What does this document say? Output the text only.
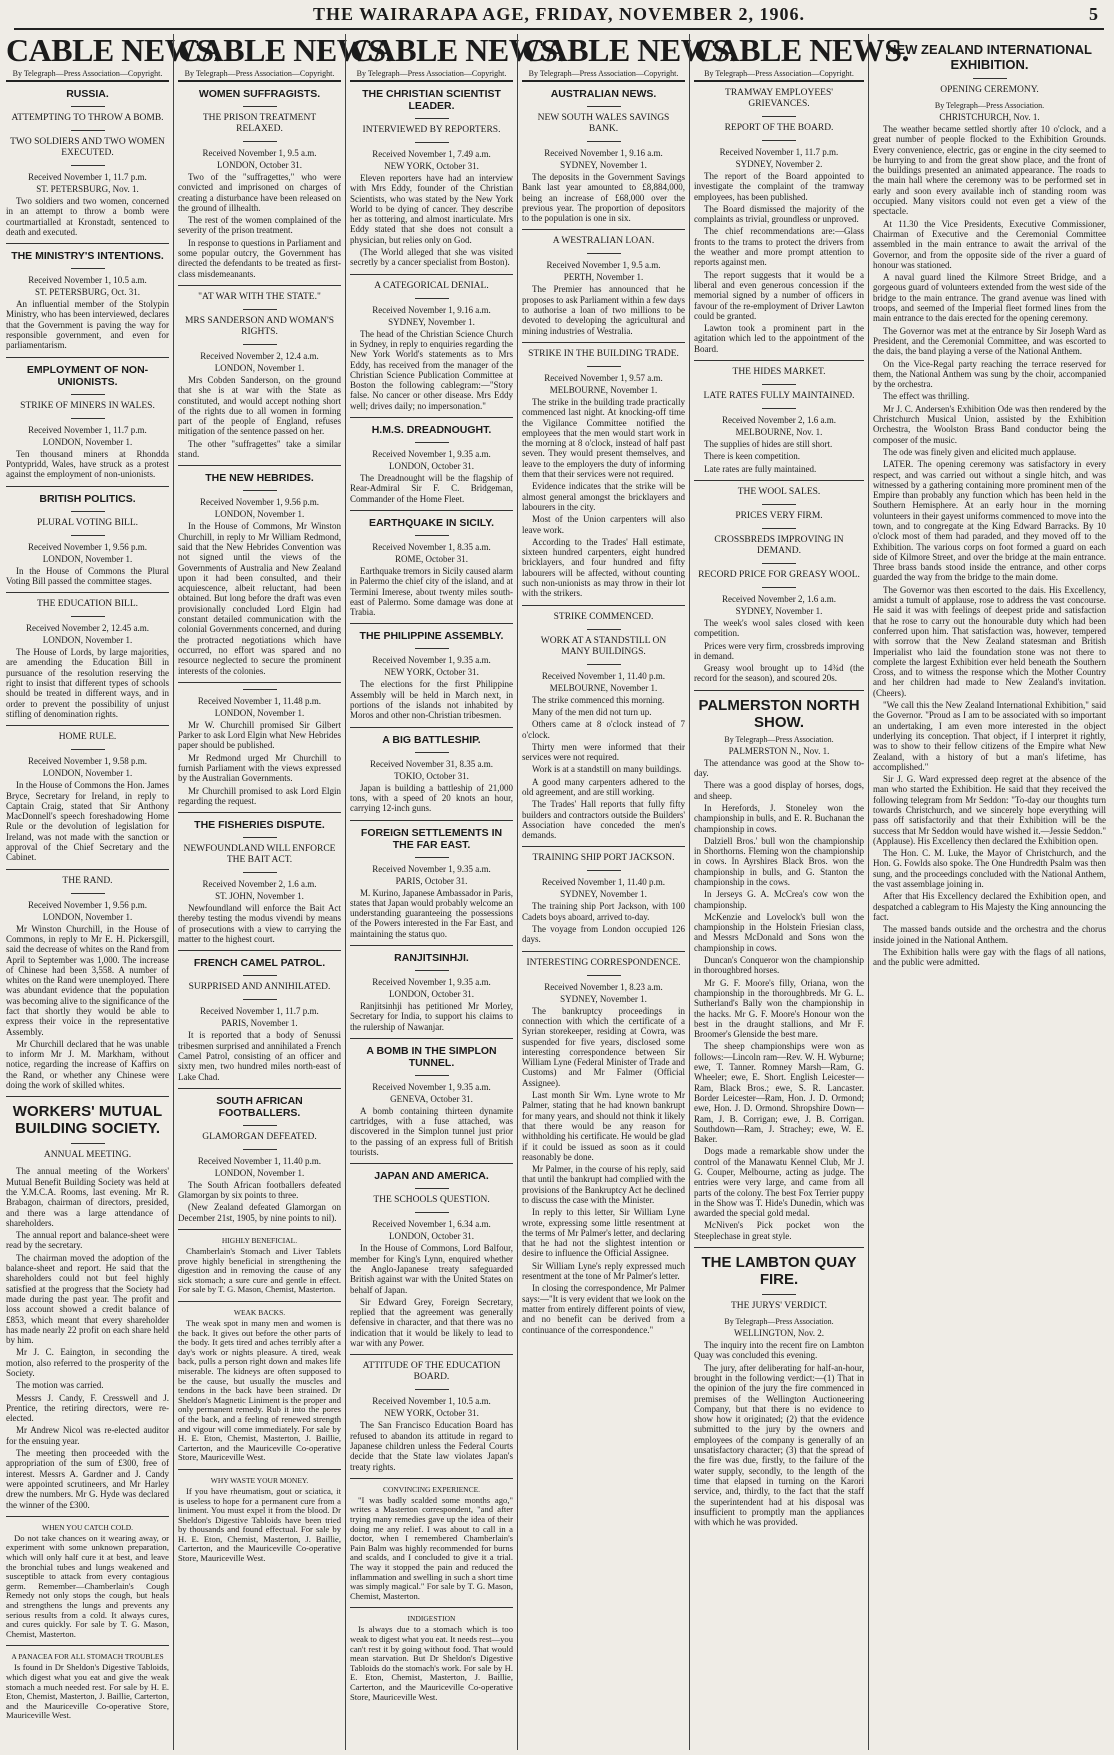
THE WAIRARAPA AGE, FRIDAY, NOVEMBER 2, 1906.	5
CABLE NEWS.
By Telegraph—Press Association—Copyright.
RUSSIA.
ATTEMPTING TO THROW A BOMB.
TWO SOLDIERS AND TWO WOMEN EXECUTED.
Received November 1, 11.7 p.m.
ST. PETERSBURG, Nov. 1.

Two soldiers and two women, concerned in an attempt to throw a bomb were courtmartialled at Kronstadt, sentenced to death and executed.

THE MINISTRY'S INTENTIONS.
Received November 1, 10.5 a.m.
ST. PETERSBURG, Oct. 31.

An influential member of the Stolypin Ministry, who has been interviewed, declares that the Government is paving the way for responsible government, and even for parliamentarism.

EMPLOYMENT OF NON-UNIONISTS.
STRIKE OF MINERS IN WALES.
Received November 1, 11.7 p.m.
LONDON, November 1.

Ten thousand miners at Rhondda Pontypridd, Wales, have struck as a protest against the employment of non-unionists.

BRITISH POLITICS.
PLURAL VOTING BILL.
Received November 1, 9.56 p.m.
LONDON, November 1.

In the House of Commons the Plural Voting Bill passed the committee stages.

THE EDUCATION BILL.
Received November 2, 12.45 a.m.
LONDON, November 1.

The House of Lords, by large majorities, are amending the Education Bill in pursuance of the resolution reserving the right to insist that different types of schools should be treated in different ways, and in order to prevent the possibility of unjust stifling of denomination rights.

HOME RULE.
Received November 1, 9.58 p.m.
LONDON, November 1.

In the House of Commons the Hon. James Bryce, Secretary for Ireland, in reply to Captain Craig, stated that Sir Anthony MacDonnell's speech foreshadowing Home Rule or the devolution of legislation for Ireland, was not made with the sanction or approval of the Chief Secretary and the Cabinet.

THE RAND.
Received November 1, 9.56 p.m.
LONDON, November 1.

Mr Winston Churchill, in the House of Commons, in reply to Mr E. H. Pickersgill, said the decrease of whites on the Rand from April to September was 1,000. The increase of Chinese had been 3,558. A number of whites on the Rand were unemployed. There was abundant evidence that the population was becoming alive to the significance of the fact that shortly they would be able to express their voice in the representative Assembly.

Mr Churchill declared that he was unable to inform Mr J. M. Markham, without notice, regarding the increase of Kaffirs on the Rand, or whether any Chinese were doing the work of skilled whites.

WORKERS' MUTUAL BUILDING SOCIETY.
ANNUAL MEETING.

The annual meeting of the Workers' Mutual Benefit Building Society was held at the Y.M.C.A. Rooms, last evening. Mr R. Brabagon, chairman of directors, presided, and there was a large attendance of shareholders.

The annual report and balance-sheet were read by the secretary.

The chairman moved the adoption of the balance-sheet and report. He said that the shareholders could not but feel highly satisfied at the progress that the Society had made during the past year. The profit and loss account showed a credit balance of £853, which meant that every shareholder has made nearly 22 profit on each share held by him.

Mr J. C. Eaington, in seconding the motion, also referred to the prosperity of the Society.

The motion was carried.

Messrs J. Candy, F. Cresswell and J. Prentice, the retiring directors, were re-elected.

Mr Andrew Nicol was re-elected auditor for the ensuing year.

The meeting then proceeded with the appropriation of the sum of £300, free of interest. Messrs A. Gardner and J. Candy were appointed scrutineers, and Mr Harley drew the numbers. Mr G. Hyde was declared the winner of the £300.

WHEN YOU CATCH COLD.

Do not take chances on it wearing away, or experiment with some unknown preparation, which will only half cure it at best, and leave the bronchial tubes and lungs weakened and susceptible to attack from every contagious germ. Remember—Chamberlain's Cough Remedy not only stops the cough, but heals and strengthens the lungs and prevents any serious results from a cold. It always cures, and cures quickly. For sale by T. G. Mason, Chemist, Masterton.

A PANACEA FOR ALL STOMACH TROUBLES

Is found in Dr Sheldon's Digestive Tabloids, which digest what you eat and give the weak stomach a much needed rest. For sale by H. E. Eton, Chemist, Masterton, J. Baillie, Carterton, and the Mauriceville Co-operative Store, Mauriceville West.

CABLE NEWS.
By Telegraph—Press Association—Copyright.
WOMEN SUFFRAGISTS.
THE PRISON TREATMENT RELAXED.
Received November 1, 9.5 a.m.
LONDON, October 31.

Two of the "suffragettes," who were convicted and imprisoned on charges of creating a disturbance have been released on the ground of illhealth.

The rest of the women complained of the severity of the prison treatment.

In response to questions in Parliament and some popular outcry, the Government has directed the defendants to be treated as first-class misdemeanants.

"AT WAR WITH THE STATE."
MRS SANDERSON AND WOMAN'S RIGHTS.
Received November 2, 12.4 a.m.
LONDON, November 1.

Mrs Cobden Sanderson, on the ground that she is at war with the State as constituted, and would accept nothing short of the rights due to all women in forming part of the people of England, refuses mitigation of the sentence passed on her.

The other "suffragettes" take a similar stand.

THE NEW HEBRIDES.
Received November 1, 9.56 p.m.
LONDON, November 1.

In the House of Commons, Mr Winston Churchill, in reply to Mr William Redmond, said that the New Hebrides Convention was not signed until the views of the Governments of Australia and New Zealand upon it had been consulted, and their acquiescence, albeit reluctant, had been obtained. But long before the draft was even provisionally concluded Lord Elgin had constant detailed communication with the colonial Governments concerned, and during the protracted negotiations which have occurred, no effort was spared and no resource neglected to secure the prominent interests of the colonies.

Received November 1, 11.48 p.m.
LONDON, November 1.

Mr W. Churchill promised Sir Gilbert Parker to ask Lord Elgin what New Hebrides paper should be published.

Mr Redmond urged Mr Churchill to furnish Parliament with the views expressed by the Australian Governments.

Mr Churchill promised to ask Lord Elgin regarding the request.

THE FISHERIES DISPUTE.
NEWFOUNDLAND WILL ENFORCE THE BAIT ACT.
Received November 2, 1.6 a.m.
ST. JOHN, November 1.

Newfoundland will enforce the Bait Act thereby testing the modus vivendi by means of prosecutions with a view to carrying the matter to the highest court.

FRENCH CAMEL PATROL.
SURPRISED AND ANNIHILATED.
Received November 1, 11.7 p.m.
PARIS, November 1.

It is reported that a body of Senussi tribesmen surprised and annihilated a French Camel Patrol, consisting of an officer and sixty men, two hundred miles north-east of Lake Chad.

SOUTH AFRICAN FOOTBALLERS.
GLAMORGAN DEFEATED.
Received November 1, 11.40 p.m.
LONDON, November 1.

The South African footballers defeated Glamorgan by six points to three.

(New Zealand defeated Glamorgan on December 21st, 1905, by nine points to nil).

HIGHLY BENEFICIAL.

Chamberlain's Stomach and Liver Tablets prove highly beneficial in strengthening the digestion and in removing the cause of any sick stomach; a sure cure and gentle in effect. For sale by T. G. Mason, Chemist, Masterton.

WEAK BACKS.

The weak spot in many men and women is the back. It gives out before the other parts of the body. It gets tired and aches terribly after a day's work or nights pleasure. A tired, weak back, pulls a person right down and makes life miserable. The kidneys are often supposed to be the cause, but usually the muscles and tendons in the back have been strained. Dr Sheldon's Magnetic Liniment is the proper and only permanent remedy. Rub it into the pores of the back, and a feeling of renewed strength and vigour will come immediately. For sale by H. E. Eton, Chemist, Masterton, J. Baillie, Carterton, and the Mauriceville Co-operative Store, Mauriceville West.

WHY WASTE YOUR MONEY.

If you have rheumatism, gout or sciatica, it is useless to hope for a permanent cure from a liniment. You must expel it from the blood. Dr Sheldon's Digestive Tabloids have been tried by thousands and found effectual. For sale by H. E. Eton, Chemist, Masterton, J. Baillie, Carterton, and the Mauriceville Co-operative Store, Mauriceville West.

CABLE NEWS.
By Telegraph—Press Association—Copyright.
THE CHRISTIAN SCIENTIST LEADER.
INTERVIEWED BY REPORTERS.
Received November 1, 7.49 a.m.
NEW YORK, October 31.

Eleven reporters have had an interview with Mrs Eddy, founder of the Christian Scientists, who was stated by the New York World to be dying of cancer. They describe her as tottering, and almost inarticulate. Mrs Eddy stated that she does not consult a physician, but relies only on God.

(The World alleged that she was visited secretly by a cancer specialist from Boston).

A CATEGORICAL DENIAL.
Received November 1, 9.16 a.m.
SYDNEY, November 1.

The head of the Christian Science Church in Sydney, in reply to enquiries regarding the New York World's statements as to Mrs Eddy, has received from the manager of the Christian Science Publication Committee at Boston the following cablegram:—"Story false. No cancer or other disease. Mrs Eddy well; drives daily; no impersonation."

H.M.S. DREADNOUGHT.
Received November 1, 9.35 a.m.
LONDON, October 31.

The Dreadnought will be the flagship of Rear-Admiral Sir F. C. Bridgeman, Commander of the Home Fleet.

EARTHQUAKE IN SICILY.
Received November 1, 8.35 a.m.
ROME, October 31.

Earthquake tremors in Sicily caused alarm in Palermo the chief city of the island, and at Termini Imerese, about twenty miles south-east of Palermo. Some damage was done at Trabia.

THE PHILIPPINE ASSEMBLY.
Received November 1, 9.35 a.m.
NEW YORK, October 31.

The elections for the first Philippine Assembly will be held in March next, in portions of the islands not inhabited by Moros and other non-Christian tribesmen.

A BIG BATTLESHIP.
Received November 31, 8.35 a.m.
TOKIO, October 31.

Japan is building a battleship of 21,000 tons, with a speed of 20 knots an hour, carrying 12-inch guns.

FOREIGN SETTLEMENTS IN THE FAR EAST.
Received November 1, 9.35 a.m.
PARIS, October 31.

M. Kurino, Japanese Ambassador in Paris, states that Japan would probably welcome an understanding guaranteeing the possessions of the Powers interested in the Far East, and maintaining the status quo.

RANJITSINHJI.
Received November 1, 9.35 a.m.
LONDON, October 31.

Ranjitsinhji has petitioned Mr Morley, Secretary for India, to support his claims to the rulership of Nawanjar.

A BOMB IN THE SIMPLON TUNNEL.
Received November 1, 9.35 a.m.
GENEVA, October 31.

A bomb containing thirteen dynamite cartridges, with a fuse attached, was discovered in the Simplon tunnel just prior to the passing of an express full of British tourists.

JAPAN AND AMERICA.
THE SCHOOLS QUESTION.
Received November 1, 6.34 a.m.
LONDON, October 31.

In the House of Commons, Lord Balfour, member for King's Lynn, enquired whether the Anglo-Japanese treaty safeguarded British against war with the United States on behalf of Japan.

Sir Edward Grey, Foreign Secretary, replied that the agreement was generally defensive in character, and that there was no indication that it would be likely to lead to war with any Power.

ATTITUDE OF THE EDUCATION BOARD.
Received November 1, 10.5 a.m.
NEW YORK, October 31.

The San Francisco Education Board has refused to abandon its attitude in regard to Japanese children unless the Federal Courts decide that the State law violates Japan's treaty rights.

CONVINCING EXPERIENCE.

"I was badly scalded some months ago," writes a Masterton correspondent, "and after trying many remedies gave up the idea of their doing me any relief. I was about to call in a doctor, when I remembered Chamberlain's Pain Balm was highly recommended for burns and scalds, and I concluded to give it a trial. The way it stopped the pain and reduced the inflammation and swelling in such a short time was simply magical." For sale by T. G. Mason, Chemist, Masterton.

INDIGESTION

Is always due to a stomach which is too weak to digest what you eat. It needs rest—you can't rest it by going without food. That would mean starvation. But Dr Sheldon's Digestive Tabloids do the stomach's work. For sale by H. E. Eton, Chemist, Masterton, J. Baillie, Carterton, and the Mauriceville Co-operative Store, Mauriceville West.

CABLE NEWS.
By Telegraph—Press Association—Copyright.
AUSTRALIAN NEWS.
NEW SOUTH WALES SAVINGS BANK.
Received November 1, 9.16 a.m.
SYDNEY, November 1.

The deposits in the Government Savings Bank last year amounted to £8,884,000, being an increase of £68,000 over the previous year. The proportion of depositors to the population is one in six.

A WESTRALIAN LOAN.
Received November 1, 9.5 a.m.
PERTH, November 1.

The Premier has announced that he proposes to ask Parliament within a few days to authorise a loan of two millions to be devoted to developing the agricultural and mining industries of Westralia.

STRIKE IN THE BUILDING TRADE.
Received November 1, 9.57 a.m.
MELBOURNE, November 1.

The strike in the building trade practically commenced last night. At knocking-off time the Vigilance Committee notified the employees that the men would start work in the morning at 8 o'clock, instead of half past seven. They would present themselves, and leave to the employers the duty of informing them that their services were not required.

Evidence indicates that the strike will be almost general amongst the bricklayers and labourers in the city.

Most of the Union carpenters will also leave work.

According to the Trades' Hall estimate, sixteen hundred carpenters, eight hundred bricklayers, and four hundred and fifty labourers will be affected, without counting such non-unionists as may throw in their lot with the strikers.

STRIKE COMMENCED.
WORK AT A STANDSTILL ON MANY BUILDINGS.
Received November 1, 11.40 p.m.
MELBOURNE, November 1.

The strike commenced this morning.

Many of the men did not turn up.

Others came at 8 o'clock instead of 7 o'clock.

Thirty men were informed that their services were not required.

Work is at a standstill on many buildings.

A good many carpenters adhered to the old agreement, and are still working.

The Trades' Hall reports that fully fifty builders and contractors outside the Builders' Association have conceded the men's demands.

TRAINING SHIP PORT JACKSON.
Received November 1, 11.40 p.m.
SYDNEY, November 1.

The training ship Port Jackson, with 100 Cadets boys aboard, arrived to-day.

The voyage from London occupied 126 days.

INTERESTING CORRESPONDENCE.
Received November 1, 8.23 a.m.
SYDNEY, November 1.

The bankruptcy proceedings in connection with which the certificate of a Syrian storekeeper, residing at Cowra, was suspended for five years, disclosed some interesting correspondence between Sir William Lyne (Federal Minister of Trade and Customs) and Mr Falmer (Official Assignee).

Last month Sir Wm. Lyne wrote to Mr Palmer, stating that he had known bankrupt for many years, and should not think it likely that there would be any reason for withholding his certificate. He would be glad if it could be issued as soon as it could reasonably be done.

Mr Palmer, in the course of his reply, said that until the bankrupt had complied with the provisions of the Bankruptcy Act he declined to discuss the case with the Minister.

In reply to this letter, Sir William Lyne wrote, expressing some little resentment at the terms of Mr Palmer's letter, and declaring that he had not the slightest intention or desire to influence the Official Assignee.

Sir William Lyne's reply expressed much resentment at the tone of Mr Palmer's letter.

In closing the correspondence, Mr Palmer says:—"It is very evident that we look on the matter from entirely different points of view, and no benefit can be derived from a continuance of the correspondence."

CABLE NEWS.
By Telegraph—Press Association—Copyright.
TRAMWAY EMPLOYEES' GRIEVANCES.
REPORT OF THE BOARD.
Received November 1, 11.7 p.m.
SYDNEY, November 2.

The report of the Board appointed to investigate the complaint of the tramway employees, has been published.

The Board dismissed the majority of the complaints as trivial, groundless or unproved.

The chief recommendations are:—Glass fronts to the trams to protect the drivers from the weather and more prompt attention to reports against men.

The report suggests that it would be a liberal and even generous concession if the memorial signed by a number of officers in favour of the re-employment of Driver Lawton could be granted.

Lawton took a prominent part in the agitation which led to the appointment of the Board.

THE HIDES MARKET.
LATE RATES FULLY MAINTAINED.
Received November 2, 1.6 a.m.
MELBOURNE, Nov. 1.

The supplies of hides are still short.

There is keen competition.

Late rates are fully maintained.

THE WOOL SALES.
PRICES VERY FIRM.
CROSSBREDS IMPROVING IN DEMAND.
RECORD PRICE FOR GREASY WOOL.
Received November 2, 1.6 a.m.
SYDNEY, November 1.

The week's wool sales closed with keen competition.

Prices were very firm, crossbreds improving in demand.

Greasy wool brought up to 14¾d (the record for the season), and scoured 20s.

PALMERSTON NORTH SHOW.
By Telegraph—Press Association.
PALMERSTON N., Nov. 1.

The attendance was good at the Show to-day.

There was a good display of horses, dogs, and sheep.

In Herefords, J. Stoneley won the championship in bulls, and E. R. Buchanan the championship in cows.

Dalziell Bros.' bull won the championship in Shorthorns. Fleming won the championship in cows. In Ayrshires Black Bros. won the championship in bulls, and G. Stanton the championship in the cows.

In Jerseys G. A. McCrea's cow won the championship.

McKenzie and Lovelock's bull won the championship in the Holstein Friesian class, and Messrs McDonald and Sons won the championship in cows.

Duncan's Conqueror won the championship in thoroughbred horses.

Mr G. F. Moore's filly, Oriana, won the championship in the thoroughbreds. Mr G. L. Sutherland's Bally won the championship in the hacks. Mr G. F. Moore's Honour won the best in the draught stallions, and Mr F. Broomer's Glenside the best mare.

The sheep championships were won as follows:—Lincoln ram—Rev. W. H. Wyburne; ewe, T. Tanner. Romney Marsh—Ram, G. Wheeler; ewe, E. Short. English Leicester—Ram, Black Bros.; ewe, S. R. Lancaster. Border Leicester—Ram, Hon. J. D. Ormond; ewe, Hon. J. D. Ormond. Shropshire Down—Ram, J. B. Corrigan; ewe, J. B. Corrigan. Southdown—Ram, J. Strachey; ewe, W. E. Baker.

Dogs made a remarkable show under the control of the Manawatu Kennel Club, Mr J. G. Couper, Melbourne, acting as judge. The entries were very large, and came from all parts of the colony. The best Fox Terrier puppy in the Show was T. Hide's Dunedin, which was awarded the special gold medal.

McNiven's Pick pocket won the Steeplechase in great style.

THE LAMBTON QUAY FIRE.
THE JURYS' VERDICT.
By Telegraph—Press Association.
WELLINGTON, Nov. 2.

The inquiry into the recent fire on Lambton Quay was concluded this evening.

The jury, after deliberating for half-an-hour, brought in the following verdict:—(1) That in the opinion of the jury the fire commenced in premises of the Wellington Auctioneering Company, but that there is no evidence to show how it originated; (2) that the evidence submitted to the jury by the owners and employees of the company is generally of an unsatisfactory character; (3) that the spread of the fire was due, firstly, to the failure of the water supply, secondly, to the length of the time that elapsed in turning on the Karori service, and, thirdly, to the fact that the staff the superintendent had at his disposal was insufficient to promptly man the appliances with which he was provided.

NEW ZEALAND INTERNATIONAL EXHIBITION.
OPENING CEREMONY.
By Telegraph—Press Association.
CHRISTCHURCH, Nov. 1.

The weather became settled shortly after 10 o'clock, and a great number of people flocked to the Exhibition Grounds. Every convenience, electric, gas or engine in the city seemed to be hurrying to and from the great show place, and the front of the buildings presented an animated appearance. The roads to the main hall where the ceremony was to be performed set in early and soon every available inch of standing room was occupied. Many visitors could not even get a view of the spectacle.

At 11.30 the Vice Presidents, Executive Commissioner, Chairman of Executive and the Ceremonial Committee assembled in the main entrance to await the arrival of the Governor, and from the opposite side of the river a guard of honour was stationed.

A naval guard lined the Kilmore Street Bridge, and a gorgeous guard of volunteers extended from the west side of the bridge to the main entrance. The grand avenue was lined with troops, and seemed of the Imperial fleet formed lines from the main entrance to the dais erected for the opening ceremony.

The Governor was met at the entrance by Sir Joseph Ward as President, and the Ceremonial Committee, and was escorted to the dais, the band playing a verse of the National Anthem.

On the Vice-Regal party reaching the terrace reserved for them, the National Anthem was sung by the choir, accompanied by the orchestra.

The effect was thrilling.

Mr J. C. Andersen's Exhibition Ode was then rendered by the Christchurch Musical Union, assisted by the Exhibition Orchestra, the Woolston Brass Band conductor being the composer of the music.

The ode was finely given and elicited much applause.

LATER. The opening ceremony was satisfactory in every respect, and was carried out without a single hitch, and was witnessed by a gathering containing more prominent men of the Empire than probably any function which has been held in the Southern Hemisphere. At an early hour in the morning volunteers in their gayest uniforms commenced to move into the town, and to congregate at the King Edward Barracks. By 10 o'clock most of them had paraded, and they moved off to the Exhibition. The various corps on foot formed a guard on each side of Kilmore Street, and over the bridge at the main entrance. Three brass bands stood inside the entrance, and other corps guarded the way from the bridge to the main dome.

The Governor was then escorted to the dais. His Excellency, amidst a tumult of applause, rose to address the vast concourse. He said it was with feelings of deepest pride and satisfaction that he rose to carry out the honourable duty which had been conferred upon him. That satisfaction was, however, tempered with sorrow that the New Zealand statesman and British Imperialist who laid the foundation stone was not there to complete the largest Exhibition ever held beneath the Southern Cross, and to witness the response which the Mother Country and her children had made to New Zealand's invitation. (Cheers).

"We call this the New Zealand International Exhibition," said the Governor. "Proud as I am to be associated with so important an undertaking, I am even more interested in the object underlying its conception. That object, if I interpret it rightly, was to show to their fellow citizens of the Empire what New Zealand, with a history of but a man's lifetime, has accomplished."

Sir J. G. Ward expressed deep regret at the absence of the man who started the Exhibition. He said that they received the following telegram from Mr Seddon: "To-day our thoughts turn towards Christchurch, and we sincerely hope everything will pass off satisfactorily and that their Exhibition will be the success that Mr Seddon would have wished it.—Jessie Seddon." (Applause). His Excellency then declared the Exhibition open.

The Hon. C. M. Luke, the Mayor of Christchurch, and the Hon. G. Fowlds also spoke. The One Hundredth Psalm was then sung, and the proceedings concluded with the National Anthem, the vast assemblage joining in.

After that His Excellency declared the Exhibition open, and despatched a cablegram to His Majesty the King announcing the fact.

The massed bands outside and the orchestra and the chorus inside joined in the National Anthem.

The Exhibition halls were gay with the flags of all nations, and the public were admitted.
